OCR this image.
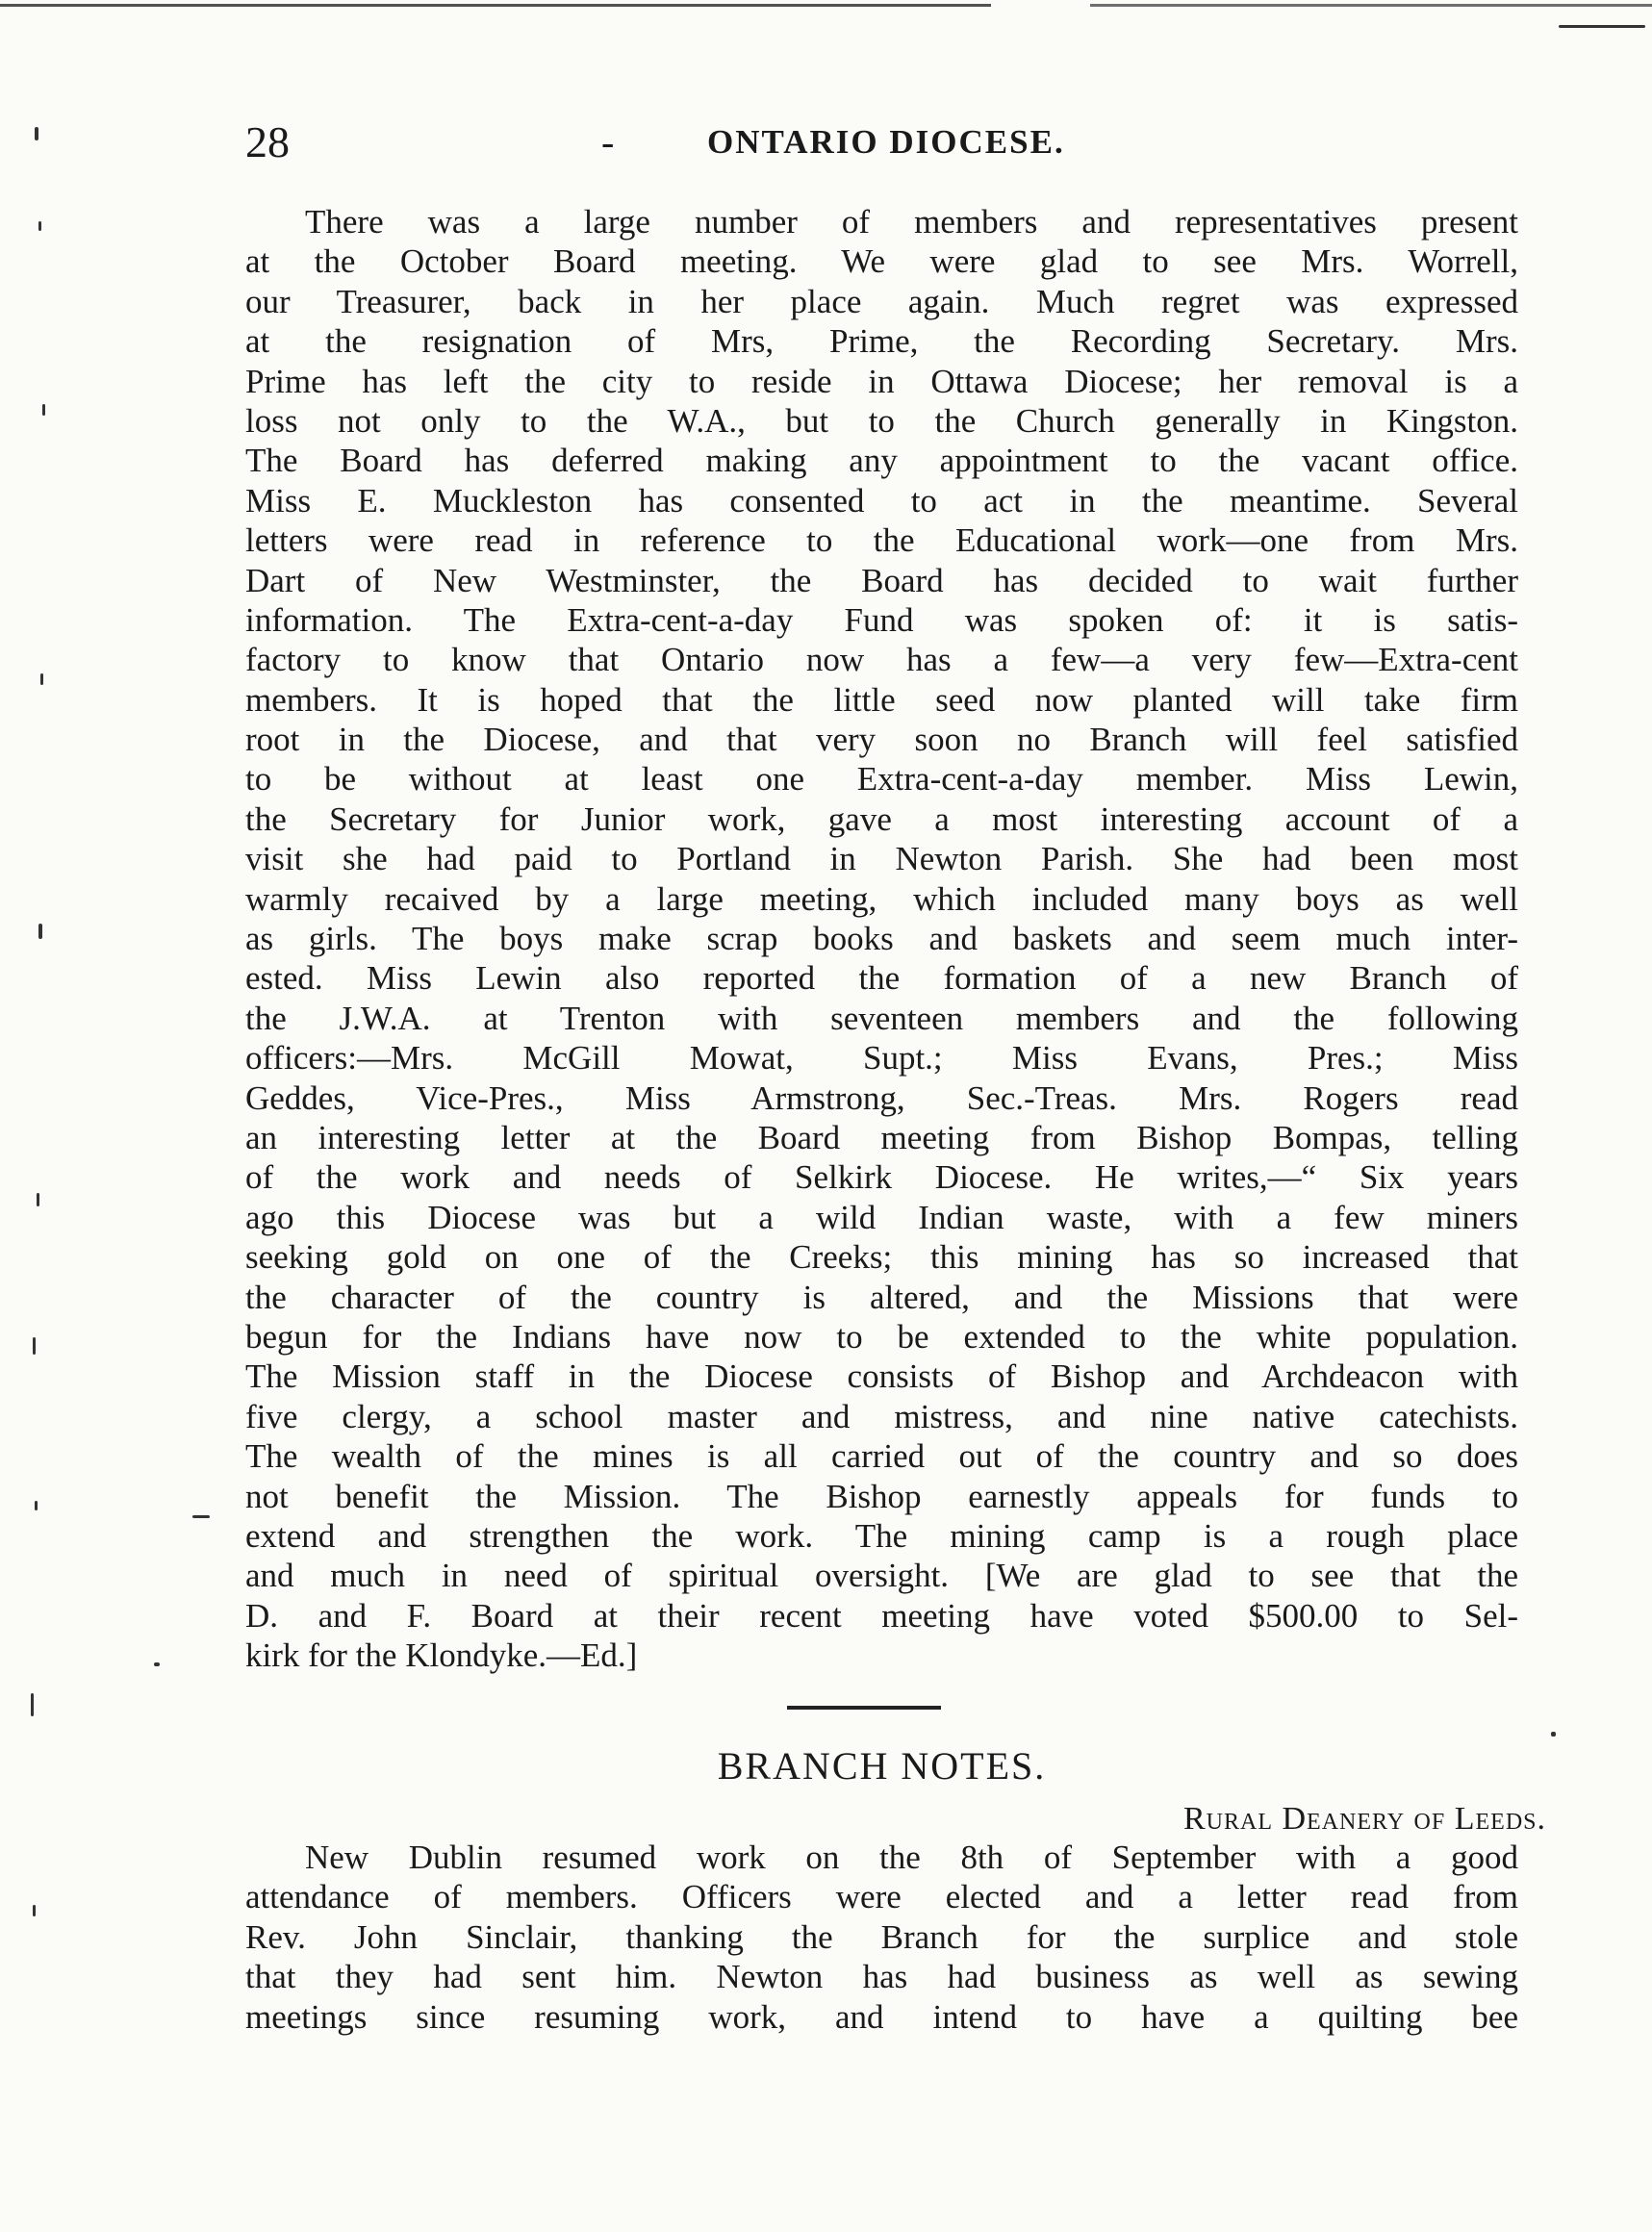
28	-	ONTARIO DIOCESE.
There was a large number of members and representatives present
at the October Board meeting. We were glad to see Mrs. Worrell,
our Treasurer, back in her place again. Much regret was expressed
at the resignation of Mrs, Prime, the Recording Secretary. Mrs.
Prime has left the city to reside in Ottawa Diocese; her removal is a
loss not only to the W.A., but to the Church generally in Kingston.
The Board has deferred making any appointment to the vacant office.
Miss E. Muckleston has consented to act in the meantime. Several
letters were read in reference to the Educational work—one from Mrs.
Dart of New Westminster, the Board has decided to wait further
information. The Extra-cent-a-day Fund was spoken of: it is satis-
factory to know that Ontario now has a few—a very few—Extra-cent
members. It is hoped that the little seed now planted will take firm
root in the Diocese, and that very soon no Branch will feel satisfied
to be without at least one Extra-cent-a-day member. Miss Lewin,
the Secretary for Junior work, gave a most interesting account of a
visit she had paid to Portland in Newton Parish. She had been most
warmly recaived by a large meeting, which included many boys as well
as girls. The boys make scrap books and baskets and seem much inter-
ested. Miss Lewin also reported the formation of a new Branch of
the J.W.A. at Trenton with seventeen members and the following
officers:—Mrs. McGill Mowat, Supt.; Miss Evans, Pres.; Miss
Geddes, Vice-Pres., Miss Armstrong, Sec.-Treas. Mrs. Rogers read
an interesting letter at the Board meeting from Bishop Bompas, telling
of the work and needs of Selkirk Diocese. He writes,—“ Six years
ago this Diocese was but a wild Indian waste, with a few miners
seeking gold on one of the Creeks; this mining has so increased that
the character of the country is altered, and the Missions that were
begun for the Indians have now to be extended to the white population.
The Mission staff in the Diocese consists of Bishop and Archdeacon with
five clergy, a school master and mistress, and nine native catechists.
The wealth of the mines is all carried out of the country and so does
not benefit the Mission. The Bishop earnestly appeals for funds to
extend and strengthen the work. The mining camp is a rough place
and much in need of spiritual oversight. [We are glad to see that the
D. and F. Board at their recent meeting have voted $500.00 to Sel-
kirk for the Klondyke.—Ed.]
BRANCH NOTES.
Rural Deanery of Leeds.
New Dublin resumed work on the 8th of September with a good
attendance of members. Officers were elected and a letter read from
Rev. John Sinclair, thanking the Branch for the surplice and stole
that they had sent him. Newton has had business as well as sewing
meetings since resuming work, and intend to have a quilting bee
